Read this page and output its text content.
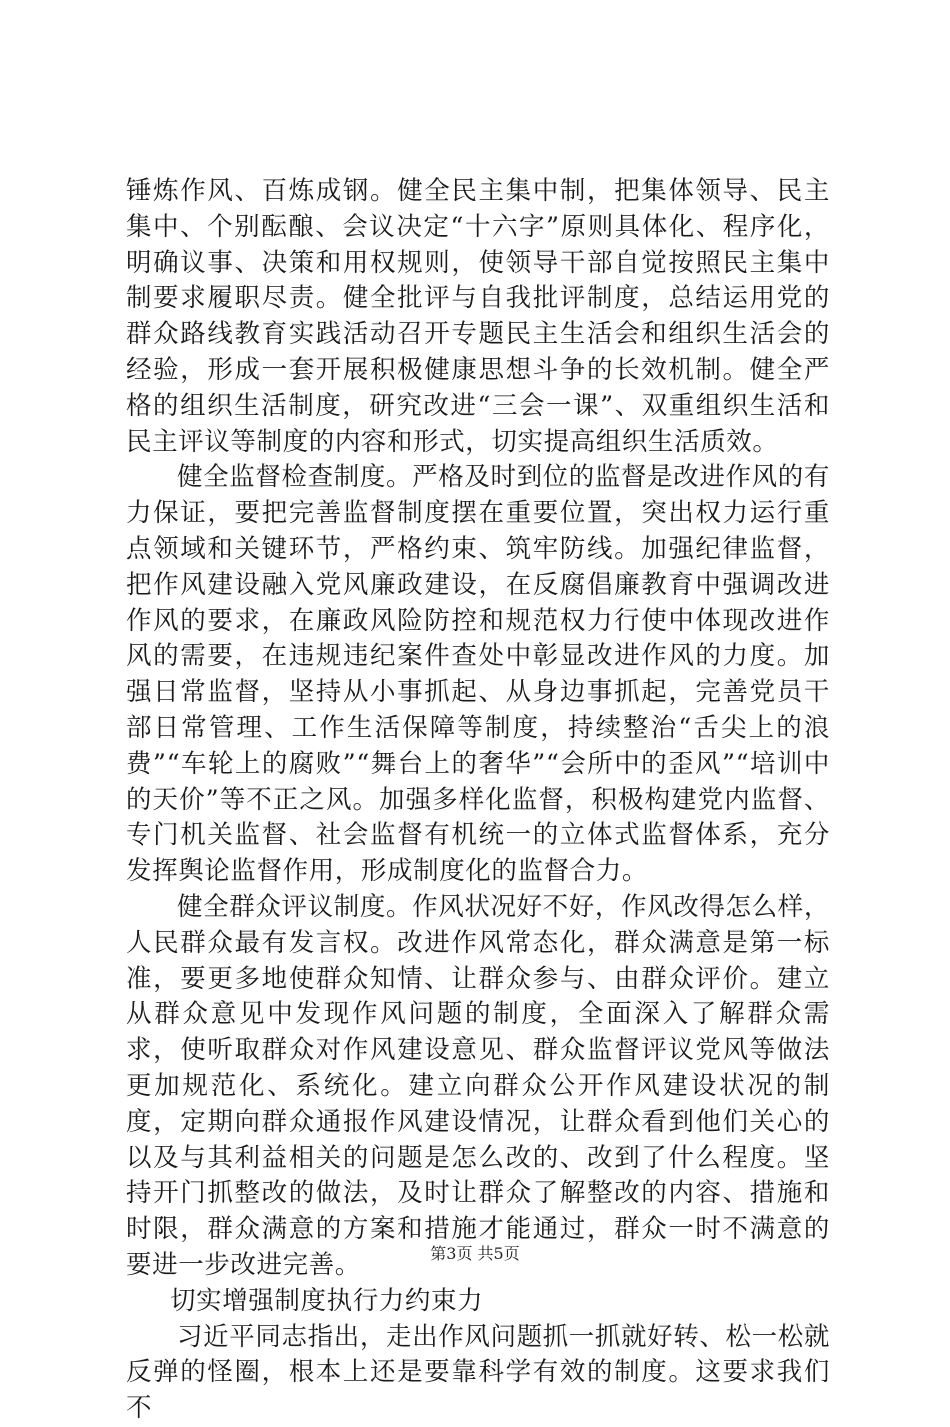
锤炼作风、百炼成钢。健全民主集中制，把集体领导、民主集中、个别酝酿、会议决定“十六字”原则具体化、程序化，明确议事、决策和用权规则，使领导干部自觉按照民主集中制要求履职尽责。健全批评与自我批评制度，总结运用党的群众路线教育实践活动召开专题民主生活会和组织生活会的经验，形成一套开展积极健康思想斗争的长效机制。健全严格的组织生活制度，研究改进“三会一课”、双重组织生活和民主评议等制度的内容和形式，切实提高组织生活质效。

健全监督检查制度。严格及时到位的监督是改进作风的有力保证，要把完善监督制度摆在重要位置，突出权力运行重点领域和关键环节，严格约束、筑牢防线。加强纪律监督，把作风建设融入党风廉政建设，在反腐倡廉教育中强调改进作风的要求，在廉政风险防控和规范权力行使中体现改进作风的需要，在违规违纪案件查处中彰显改进作风的力度。加强日常监督，坚持从小事抓起、从身边事抓起，完善党员干部日常管理、工作生活保障等制度，持续整治“舌尖上的浪费”“车轮上的腐败”“舞台上的奢华”“会所中的歪风”“培训中的天价”等不正之风。加强多样化监督，积极构建党内监督、专门机关监督、社会监督有机统一的立体式监督体系，充分发挥舆论监督作用，形成制度化的监督合力。

健全群众评议制度。作风状况好不好，作风改得怎么样，人民群众最有发言权。改进作风常态化，群众满意是第一标准，要更多地使群众知情、让群众参与、由群众评价。建立从群众意见中发现作风问题的制度，全面深入了解群众需求，使听取群众对作风建设意见、群众监督评议党风等做法更加规范化、系统化。建立向群众公开作风建设状况的制度，定期向群众通报作风建设情况，让群众看到他们关心的以及与其利益相关的问题是怎么改的、改到了什么程度。坚持开门抓整改的做法，及时让群众了解整改的内容、措施和时限，群众满意的方案和措施才能通过，群众一时不满意的要进一步改进完善。

切实增强制度执行力约束力

习近平同志指出，走出作风问题抓一抓就好转、松一松就反弹的怪圈，根本上还是要靠科学有效的制度。这要求我们不

第3页 共5页
